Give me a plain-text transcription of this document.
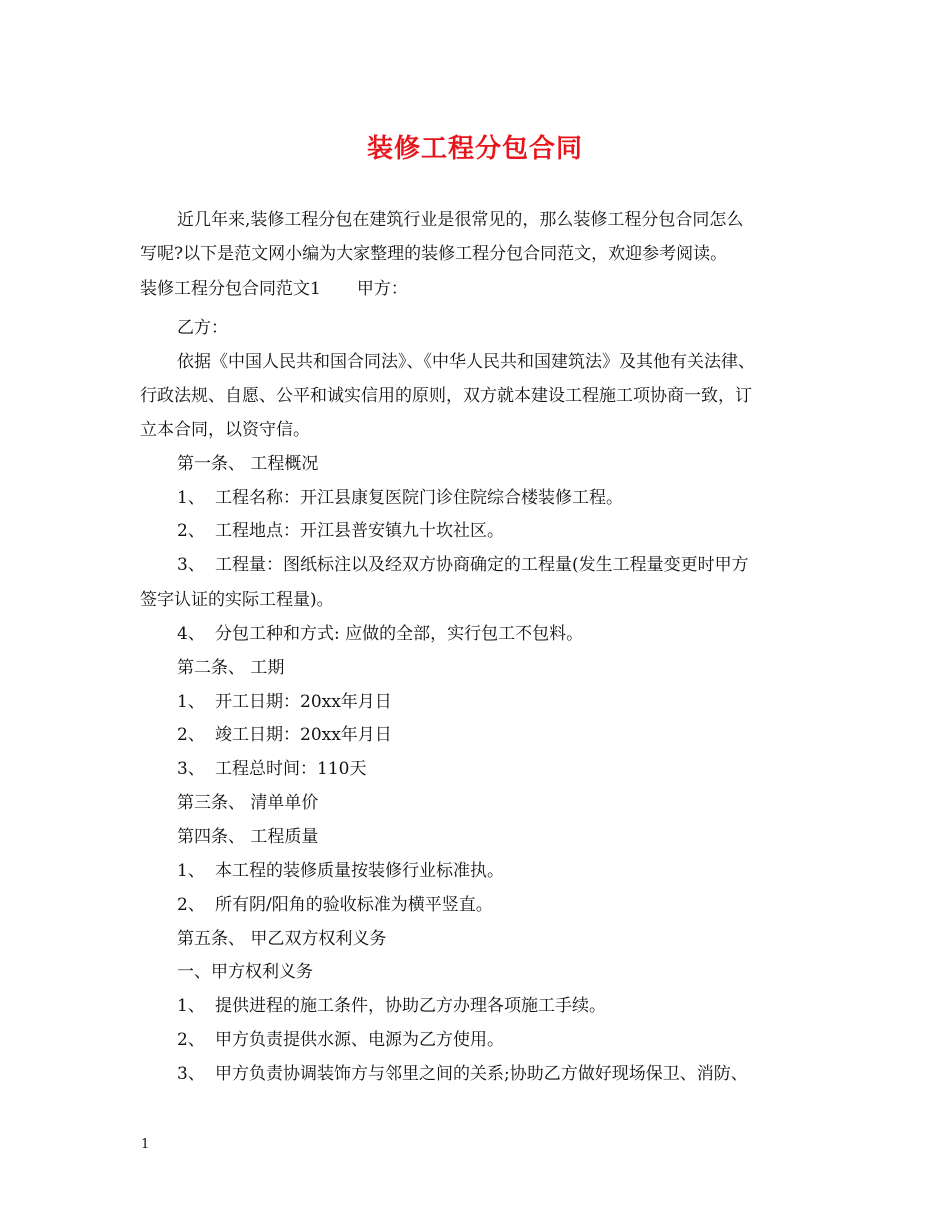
装修工程分包合同
近几年来,装修工程分包在建筑行业是很常见的，那么装修工程分包合同怎么
写呢?以下是范文网小编为大家整理的装修工程分包合同范文，欢迎参考阅读。
装修工程分包合同范文1 甲方：
乙方：
依据《中国人民共和国合同法》、《中华人民共和国建筑法》及其他有关法律、
行政法规、自愿、公平和诚实信用的原则，双方就本建设工程施工项协商一致，订
立本合同，以资守信。
第一条、 工程概况
1、 工程名称：开江县康复医院门诊住院综合楼装修工程。
2、 工程地点：开江县普安镇九十坎社区。
3、 工程量：图纸标注以及经双方协商确定的工程量(发生工程量变更时甲方
签字认证的实际工程量)。
4、 分包工种和方式: 应做的全部，实行包工不包料。
第二条、 工期
1、 开工日期：20xx年月日
2、 竣工日期：20xx年月日
3、 工程总时间：110天
第三条、 清单单价
第四条、 工程质量
1、 本工程的装修质量按装修行业标准执。
2、 所有阴/阳角的验收标准为横平竖直。
第五条、 甲乙双方权利义务
一、甲方权利义务
1、 提供进程的施工条件，协助乙方办理各项施工手续。
2、 甲方负责提供水源、电源为乙方使用。
3、 甲方负责协调装饰方与邻里之间的关系;协助乙方做好现场保卫、消防、
1
